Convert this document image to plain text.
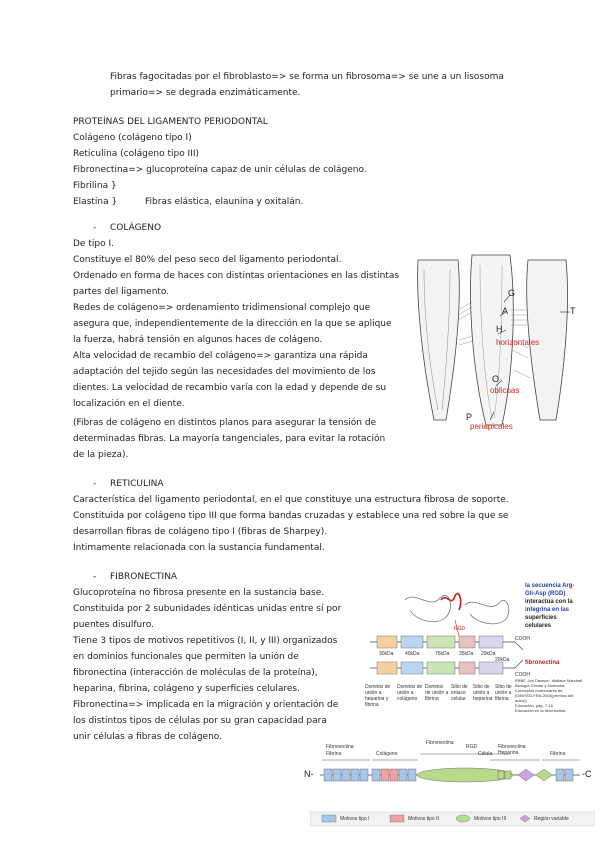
Fibras fagocitadas por el fibroblasto=> se forma un fibrosoma=> se une a un lisosoma
primario=> se degrada enzimáticamente.
PROTEÍNAS DEL LIGAMENTO PERIODONTAL
Colágeno (colágeno tipo I)
Reticulina (colágeno tipo III)
Fibronectina=> glucoproteína capaz de unir células de colágeno.
Fibrilina }
Elastina }	Fibras elástica, elaunina y oxitalán.
- COLÁGENO
De tipo I.
Constituye el 80% del peso seco del ligamento periodontal.
Ordenado en forma de haces con distintas orientaciones en las distintas
partes del ligamento.
Redes de colágeno=> ordenamiento tridimensional complejo que
asegura que, independientemente de la dirección en la que se aplique
la fuerza, habrá tensión en algunos haces de colágeno.
Alta velocidad de recambio del colágeno=> garantiza una rápida
adaptación del tejido según las necesidades del movimiento de los
dientes. La velocidad de recambio varía con la edad y depende de su
localización en el diente.
(Fibras de colágeno en distintos planos para asegurar la tensión de
determinadas fibras. La mayoría tangenciales, para evitar la rotación
de la pieza).
G
A	T
H
horizontales
O
oblicuas
P
periapicales
- RETICULINA
Característica del ligamento periodontal, en el que constituye una estructura fibrosa de soporte.
Constituida por colágeno tipo III que forma bandas cruzadas y establece una red sobre la que se
desarrollan fibras de colágeno tipo I (fibras de Sharpey).
Íntimamente relacionada con la sustancia fundamental.
- FIBRONECTINA
Glucoproteína no fibrosa presente en la sustancia base.
Constituida por 2 subunidades idénticas unidas entre sí por
puentes disulfuro.
Tiene 3 tipos de motivos repetitivos (I, II, y III) organizados
en dominios funcionales que permiten la unión de
fibronectina (interacción de moléculas de la proteína),
heparina, fibrina, colágeno y superficies celulares.
Fibronectina=> implicada en la migración y orientación de
los distintos tipos de células por su gran capacidad para
unir células a fibras de colágeno.
RGD
30kDa 40kDa	75kDa 35kDa 29kDa
20kDa
COOH
COOH
Dominio de unión a heparina y fibrina
Dominio de unión a colágeno
Dominio de unión a fibrina
Sitio de enlace celular
Sitio de unión a heparina
Sitio de unión a fibrina
la secuencia Arg-
Gli-Asp (RGD)
interactúa con la
integrina en las
superficies
celulares
fibronectina
ERBF, Jon Dawson, Wallace Marshall
Biología Celular y Molecular
Conceptos moleculares de
(OMITED-FEB-2015(permiso del autor))
Educación, pág. 7-16
Educación en la fibronectina
Fibronectina
Fibrina	Colágeno
Fibronectina
RGD
Célula
Fibronectina
Heparina	Fibrina
N-	-C
Motivos tipo I	Motivos tipo II	Motivos tipo III	Región variable
